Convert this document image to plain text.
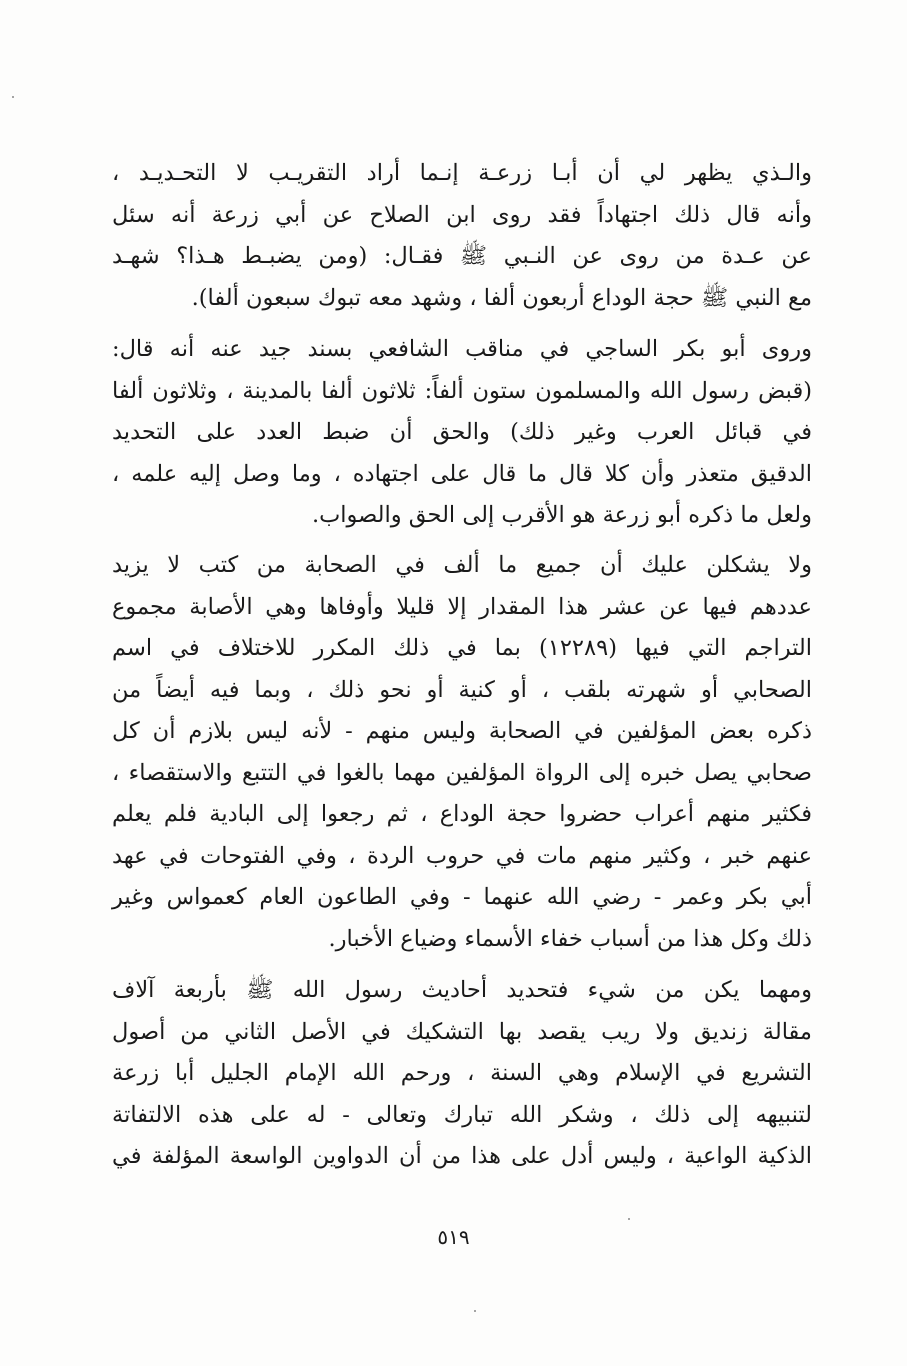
والـذي يظهر لي أن أبـا زرعـة إنـما أراد التقريـب لا التحـديـد ،
وأنه قال ذلك اجتهاداً فقد روى ابن الصلاح عن أبي زرعة أنه سئل
عن عـدة من روى عن النـبي ﷺ فقـال: (ومن يضبـط هـذا؟ شهـد
مع النبي ﷺ حجة الوداع أربعون ألفا ، وشهد معه تبوك سبعون ألفا).
وروى أبو بكر الساجي في مناقب الشافعي بسند جيد عنه أنه قال:
(قبض رسول الله والمسلمون ستون ألفاً: ثلاثون ألفا بالمدينة ، وثلاثون ألفا
في قبائل العرب وغير ذلك) والحق أن ضبط العدد على التحديد
الدقيق متعذر وأن كلا قال ما قال على اجتهاده ، وما وصل إليه علمه ،
ولعل ما ذكره أبو زرعة هو الأقرب إلى الحق والصواب.
ولا يشكلن عليك أن جميع ما ألف في الصحابة من كتب لا يزيد
عددهم فيها عن عشر هذا المقدار إلا قليلا وأوفاها وهي الأصابة مجموع
التراجم التي فيها (١٢٢٨٩) بما في ذلك المكرر للاختلاف في اسم
الصحابي أو شهرته بلقب ، أو كنية أو نحو ذلك ، وبما فيه أيضاً من
ذكره بعض المؤلفين في الصحابة وليس منهم - لأنه ليس بلازم أن كل
صحابي يصل خبره إلى الرواة المؤلفين مهما بالغوا في التتبع والاستقصاء ،
فكثير منهم أعراب حضروا حجة الوداع ، ثم رجعوا إلى البادية فلم يعلم
عنهم خبر ، وكثير منهم مات في حروب الردة ، وفي الفتوحات في عهد
أبي بكر وعمر - رضي الله عنهما - وفي الطاعون العام كعمواس وغير
ذلك وكل هذا من أسباب خفاء الأسماء وضياع الأخبار.
ومهما يكن من شيء فتحديد أحاديث رسول الله ﷺ بأربعة آلاف
مقالة زنديق ولا ريب يقصد بها التشكيك في الأصل الثاني من أصول
التشريع في الإسلام وهي السنة ، ورحم الله الإمام الجليل أبا زرعة
لتنبيهه إلى ذلك ، وشكر الله تبارك وتعالى - له على هذه الالتفاتة
الذكية الواعية ، وليس أدل على هذا من أن الدواوين الواسعة المؤلفة في
٥١٩
